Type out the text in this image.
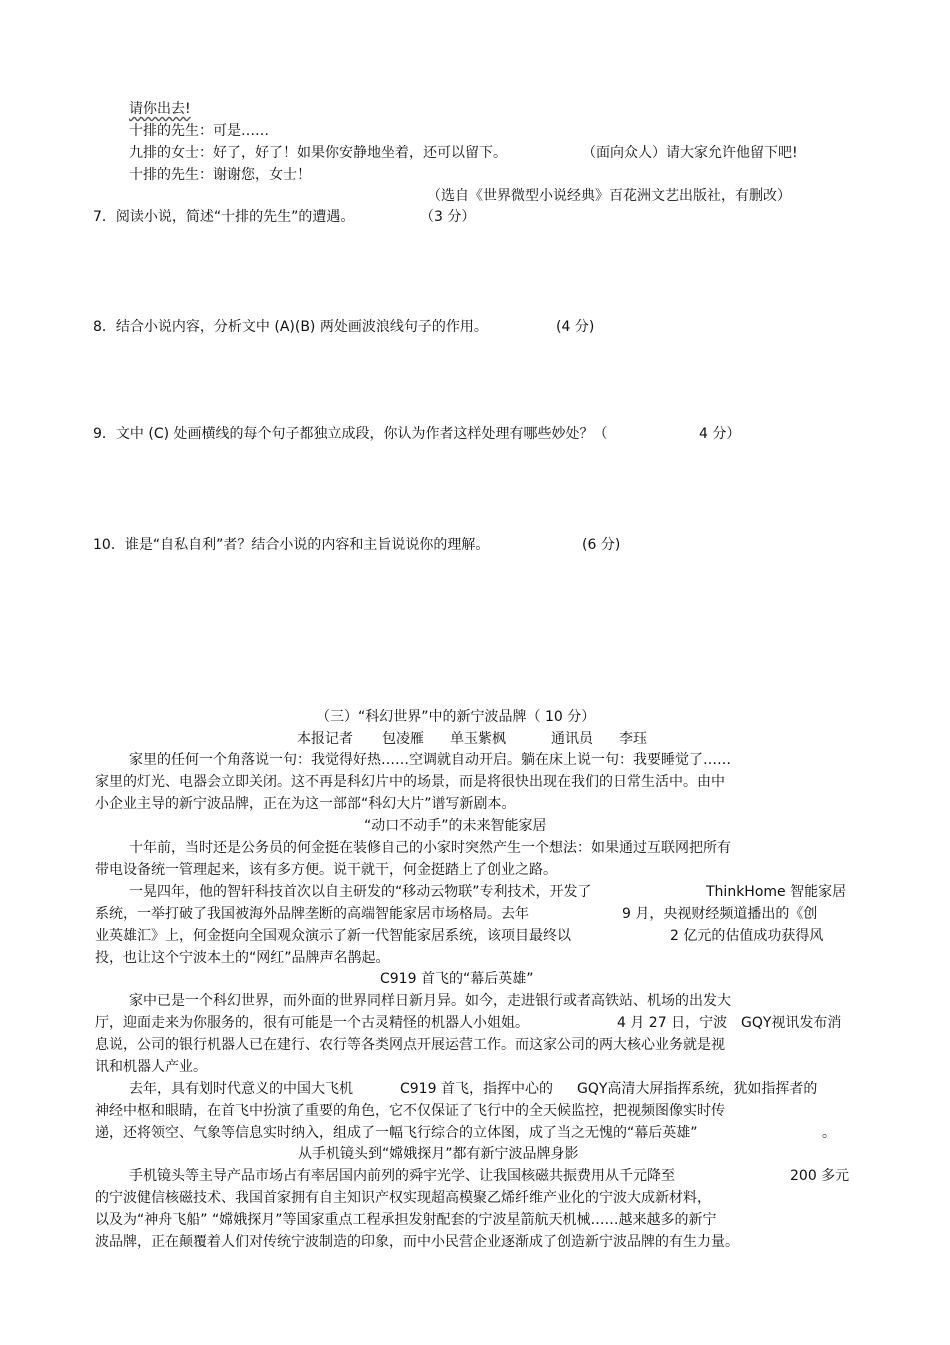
请你出去!
十排的先生：可是……
九排的女士：好了，好了！如果你安静地坐着，还可以留下。	（面向众人）请大家允许他留下吧!
十排的先生：谢谢您，女士！
（选自《世界微型小说经典》百花洲文艺出版社，有删改）
7．阅读小说，简述“十排的先生”的遭遇。	（3 分）
8．结合小说内容，分析文中 (A)(B) 两处画波浪线句子的作用。	(4 分)
9．文中 (C) 处画横线的每个句子都独立成段，你认为作者这样处理有哪些妙处？（	4 分）
10．谁是“自私自利”者？结合小说的内容和主旨说说你的理解。	(6 分)
（三）“科幻世界”中的新宁波品牌（ 10 分）
本报记者 包凌雁 单玉紫枫	通讯员 李珏
家里的任何一个角落说一句：我觉得好热……空调就自动开启。躺在床上说一句：我要睡觉了……
家里的灯光、电器会立即关闭。这不再是科幻片中的场景，而是将很快出现在我们的日常生活中。由中
小企业主导的新宁波品牌，正在为这一部部“科幻大片”谱写新剧本。
“动口不动手”的未来智能家居
十年前，当时还是公务员的何金挺在装修自己的小家时突然产生一个想法：如果通过互联网把所有
带电设备统一管理起来，该有多方便。说干就干，何金挺踏上了创业之路。
一晃四年，他的智轩科技首次以自主研发的“移动云物联”专利技术，开发了	ThinkHome 智能家居
系统，一举打破了我国被海外品牌垄断的高端智能家居市场格局。去年	9 月，央视财经频道播出的《创
业英雄汇》上，何金挺向全国观众演示了新一代智能家居系统，该项目最终以	2 亿元的估值成功获得风
投，也让这个宁波本土的“网红”品牌声名鹊起。
C919 首飞的“幕后英雄”
家中已是一个科幻世界，而外面的世界同样日新月异。如今，走进银行或者高铁站、机场的出发大
厅，迎面走来为你服务的，很有可能是一个古灵精怪的机器人小姐姐。	4 月 27 日，宁波 GQY视讯发布消
息说，公司的银行机器人已在建行、农行等各类网点开展运营工作。而这家公司的两大核心业务就是视
讯和机器人产业。
去年，具有划时代意义的中国大飞机	C919 首飞，指挥中心的 GQY高清大屏指挥系统，犹如指挥者的
神经中枢和眼睛，在首飞中扮演了重要的角色，它不仅保证了飞行中的全天候监控，把视频图像实时传
递，还将领空、气象等信息实时纳入，组成了一幅飞行综合的立体图，成了当之无愧的“幕后英雄”	。
从手机镜头到“嫦娥探月”都有新宁波品牌身影
手机镜头等主导产品市场占有率居国内前列的舜宇光学、让我国核磁共振费用从千元降至	200 多元
的宁波健信核磁技术、我国首家拥有自主知识产权实现超高模聚乙烯纤维产业化的宁波大成新材料，
以及为“神舟飞船” “嫦娥探月”等国家重点工程承担发射配套的宁波星箭航天机械……越来越多的新宁
波品牌，正在颠覆着人们对传统宁波制造的印象，而中小民营企业逐渐成了创造新宁波品牌的有生力量。
